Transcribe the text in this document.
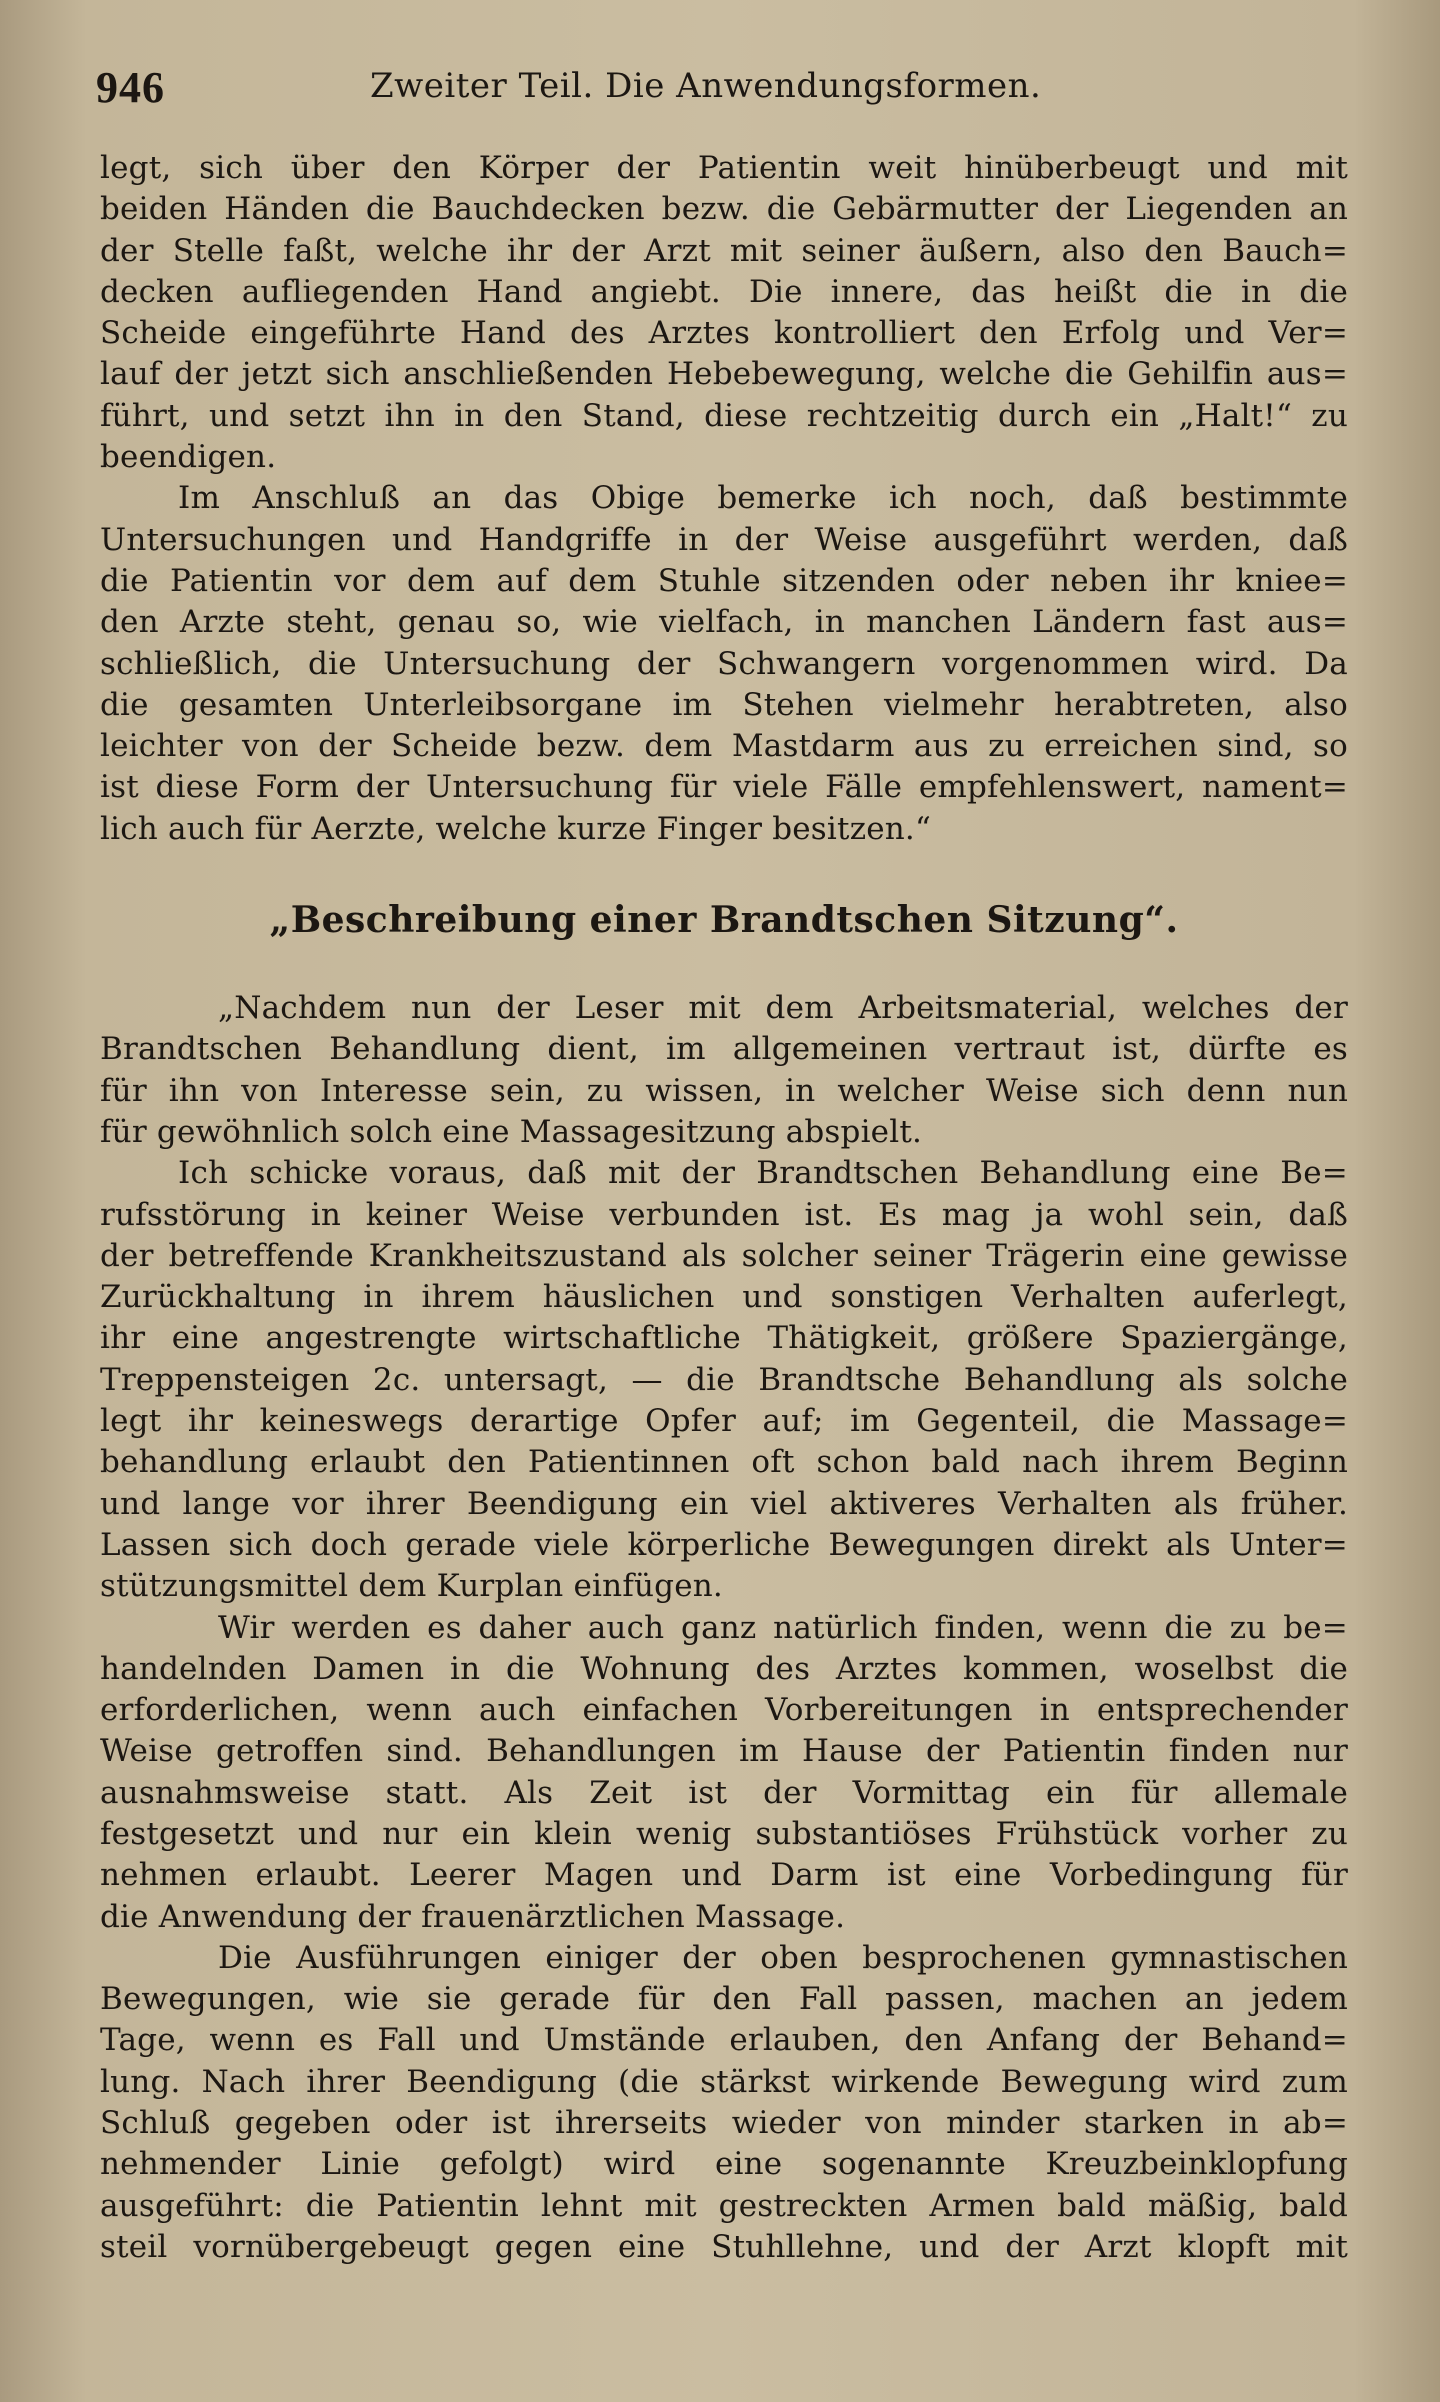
946	Zweiter Teil. Die Anwendungsformen.
legt, sich über den Körper der Patientin weit hinüberbeugt und mit
beiden Händen die Bauchdecken bezw. die Gebärmutter der Liegenden an
der Stelle faßt, welche ihr der Arzt mit seiner äußern, also den Bauch=
decken aufliegenden Hand angiebt. Die innere, das heißt die in die
Scheide eingeführte Hand des Arztes kontrolliert den Erfolg und Ver=
lauf der jetzt sich anschließenden Hebebewegung, welche die Gehilfin aus=
führt, und setzt ihn in den Stand, diese rechtzeitig durch ein „Halt!“ zu
beendigen.
Im Anschluß an das Obige bemerke ich noch, daß bestimmte
Untersuchungen und Handgriffe in der Weise ausgeführt werden, daß
die Patientin vor dem auf dem Stuhle sitzenden oder neben ihr kniee=
den Arzte steht, genau so, wie vielfach, in manchen Ländern fast aus=
schließlich, die Untersuchung der Schwangern vorgenommen wird. Da
die gesamten Unterleibsorgane im Stehen vielmehr herabtreten, also
leichter von der Scheide bezw. dem Mastdarm aus zu erreichen sind, so
ist diese Form der Untersuchung für viele Fälle empfehlenswert, nament=
lich auch für Aerzte, welche kurze Finger besitzen.“
„Beschreibung einer Brandtschen Sitzung“.
„Nachdem nun der Leser mit dem Arbeitsmaterial, welches der
Brandtschen Behandlung dient, im allgemeinen vertraut ist, dürfte es
für ihn von Interesse sein, zu wissen, in welcher Weise sich denn nun
für gewöhnlich solch eine Massagesitzung abspielt.
Ich schicke voraus, daß mit der Brandtschen Behandlung eine Be=
rufsstörung in keiner Weise verbunden ist. Es mag ja wohl sein, daß
der betreffende Krankheitszustand als solcher seiner Trägerin eine gewisse
Zurückhaltung in ihrem häuslichen und sonstigen Verhalten auferlegt,
ihr eine angestrengte wirtschaftliche Thätigkeit, größere Spaziergänge,
Treppensteigen 2c. untersagt, — die Brandtsche Behandlung als solche
legt ihr keineswegs derartige Opfer auf; im Gegenteil, die Massage=
behandlung erlaubt den Patientinnen oft schon bald nach ihrem Beginn
und lange vor ihrer Beendigung ein viel aktiveres Verhalten als früher.
Lassen sich doch gerade viele körperliche Bewegungen direkt als Unter=
stützungsmittel dem Kurplan einfügen.
Wir werden es daher auch ganz natürlich finden, wenn die zu be=
handelnden Damen in die Wohnung des Arztes kommen, woselbst die
erforderlichen, wenn auch einfachen Vorbereitungen in entsprechender
Weise getroffen sind. Behandlungen im Hause der Patientin finden nur
ausnahmsweise statt. Als Zeit ist der Vormittag ein für allemale
festgesetzt und nur ein klein wenig substantiöses Frühstück vorher zu
nehmen erlaubt. Leerer Magen und Darm ist eine Vorbedingung für
die Anwendung der frauenärztlichen Massage.
Die Ausführungen einiger der oben besprochenen gymnastischen
Bewegungen, wie sie gerade für den Fall passen, machen an jedem
Tage, wenn es Fall und Umstände erlauben, den Anfang der Behand=
lung. Nach ihrer Beendigung (die stärkst wirkende Bewegung wird zum
Schluß gegeben oder ist ihrerseits wieder von minder starken in ab=
nehmender Linie gefolgt) wird eine sogenannte Kreuzbeinklopfung
ausgeführt: die Patientin lehnt mit gestreckten Armen bald mäßig, bald
steil vornübergebeugt gegen eine Stuhllehne, und der Arzt klopft mit
